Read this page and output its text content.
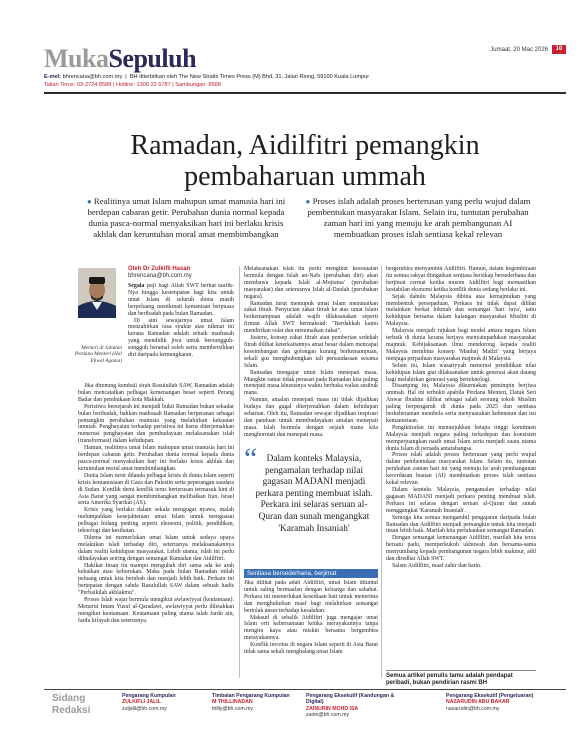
MukaSepuluh	Jumaat, 20 Mac 2026	10
E-mel: bhrencana@bh.com.my  |  BH diterbitkan oleh The New Straits Times Press (M) Bhd, 31, Jalan Riong, 59100 Kuala Lumpur
Talian Terus: 03-2724 8588 | Hotline: 1300 22 6787 | Sambungan: 8588
Ramadan, Aidilfitri pemangkin
pembaharuan ummah
● Realitinya umat Islam mahupun umat manusia hari ini berdepan cabaran getir. Perubahan dunia normal kepada dunia pasca-normal menyaksikan hari ini berlaku krisis akhlak dan keruntuhan moral amat membimbangkan
● Proses islah adalah proses berterusan yang perlu wujud dalam pembentukan masyarakat Islam. Selain itu, tuntutan perubahan zaman hari ini yang menuju ke arah pembangunan AI membuatkan proses islah sentiasa kekal relevan
Menteri di Jabatan Perdana Menteri (Hal Ehwal Agama)
Oleh Dr Zulkifli Hasan
bhrencana@bh.com.my

Segala puji bagi Allah SWT berkat taufik-Nya hingga kesempatan bagi kita untuk umat Islam di seluruh dunia masih berpeluang menikmati kemanisan berpuasa dan beribadah pada bulan Ramadan.

Di sini sewajarnya umat Islam menzahirkan rasa syukur atas nikmat ini kerana Ramadan adalah sebaik madrasah yang mendidik jiwa untuk bersungguh-sungguh beramal soleh serta membersihkan diri daripada kemungkaran.

Jika direnung kembali sirah Rasulullah SAW, Ramadan adalah bulan mencatatkan pelbagai kemenangan besar seperti Perang Badar dan pembukaan kota Makkah.

Peristiwa bersejarah ini menjadi bukti Ramadan bukan sekadar bulan beribadah, bahkan madrasah Ramadan berperanan sebagai pemangkin perubahan manusia yang melahirkan kekuatan ummah. Penghayatan terhadap peristiwa ini harus diterjemahkan menerusi penghayatan dan pembudayaan melaksanakan islah (transformasi) dalam kehidupan.

Hamun, realitinya umat Islam mahupun umat manusia hari ini berdepan cabaran getir. Perubahan dunia normal kepada dunia pasca-normal menyaksikan hari ini berlaku krisis akhlak dan keruntuhan moral amat membimbangkan.

Dunia Islam turut dilanda pelbagai krisis di dunia Islam seperti krisis kemanusiaan di Gaza dan Palestin serta peperangan saudara di Sudan. Konflik demi konflik terus berterusan termasuk kini di Asia Barat yang sangat membimbangkan melibatkan Iran, Israel serta Amerika Syarikat (AS).

Krisis yang berlaku dalam sekala mengugat nyawa, malah melumpuhkan kesejahteraan umat Islam untuk menguasai pelbagai bidang penting seperti ekonomi, politik, pendidikan, teknologi dan kesihatan.

Dilema ini memerlukan umat Islam untuk sedaya upaya melakukan islah terhadap diri, seterusnya melaksanakannya dalam realiti kehidupan masyarakat. Lebih utama, islah ini perlu dibudayakan seiring dengan semangat Ramadan dan Aidilfitri.

Hakikat Insan itu mampu mengubah diri sama ada ke arah kebaikan atau keburukan. Maka pada bulan Ramadan inilah peluang untuk kita berubah dan menjadi lebih baik. Perkara ini bertepatan dengan sabda Rasulullah SAW dalam sebuah hadis "Perbaikilah akhlakmu".

Proses Islah wajar bermula mengikut awlawiyyat (keutamaan). Menurut Imam Yusuf al-Qaradawi, awlawiyyat perlu diletakkan mengikut keutamaan. Keutamaan paling utama ialah fardu ain, fardu kifayah dan seterusnya.

Melaksanakan islah itu perlu mengikut kesesuaian bermula dengan Islah an-Nafs (perubahan diri) akan membawa kepada Islah al-Mujtama' (perubahan masyarakat) dan seterusnya Islah al-Daulah (perubahan negara).

Ramadan turut memupuk umat Islam menunaikan zakat fitrah. Penyucian zakat fitrah ke atas umat Islam berkemampuan adalah wajib dilaksanakan seperti firman Allah SWT bermaksud: "Berdakkah kamu mendirikan solat dan menunaikan zakat".

Justeru, konsep zakat fitrah atau pemberian sedekah fitrah dilihat keterkaitannya amat besar dalam mencapai keseimbangan dan golongan kurang berkemampuan, sekali gus menghubungkan tali persaudaraan sesama Islam.

Ramadan mengajar umat Islam menepati masa. Mungkin ramai tidak perasan pada Ramadan kita paling menepati masa khususnya waktu berbuka walau sesibuk mana.

Namun, amalan menepati masa ini tidak dijadikan budaya dan gagal diterjemahkan dalam kehidupan seharian. Oleh itu, Ramadan sewajar dijadikan inspirasi dan panduan untuk membudayakan amalan menepati masa. Islah bermula dengan sejauh mana kita menghormati dan menepati masa.

“ Dalam konteks Malaysia, pengamalan terhadap nilai gagasan MADANI menjadi perkara penting membuat islah. Perkara ini selaras seruan al-Quran dan sunah mengangkat 'Karamah Insaniah'
Sentiasa bersederhana, berjimat

Jika dilihat pada adab Aidilfitri, umat Islam dituntut untuk saling bermaafan dengan keluarga dan sahabat. Perkara ini memerlukan kesediaan hati untuk menerima dan menghulurkan maaf bagi melahirkan semangat bertolak ansur terhadap kesalahan.

Maksud di sebalik Aidilfitri juga mengajar umat Islam erti kebersamaan ketika merayakannya tanpa mengira kaya atau miskin bersama bergembira merayakannya.

Konflik tercetus di negara Islam seperti di Asia Barat tidak sama sekali menghalang umat Islam

bergembira menyambut Aidilfitri. Hamun, dalam kegembiraan itu semua rakyat diingatkan sentiasa bersikap bersederhana dan berjimat cermat ketika musim Aidilfitri bagi memastikan kestabilan ekonomi ketika konflik dunia sedang berlaku ini.

Sejak dahulu Malaysia dibina atas kemajmukan yang membentuk persepaduan. Perkara ini tidak dapat dilihat melainkan berkat hikmah dan semangat 'hari raya', iaitu kehidupan bersama dalam kalangan masyarakat Muslim di Malaysia.

Malaysia menjadi rujukan bagi model antara negara Islam terbaik di dunia kerana berjaya menyatupadukan masyarakat majmuk. Kebijaksanaan ilmu mendorong kepada realiti Malaysia membina konsep 'Manhaj Malizi' yang berjaya menjaga perpaduan masyarakat majmuk di Malaysia.

Selain itu, Islam wasatiyyah menerusi pendidikan nilai kehidupan Islam giat dilaksanakan untuk generasi akan datang bagi melahirkan generasi yang berteknologi.

Disamping itu, Malaysia dikurniakan pemimpin berjiwa ummah. Hal ini terbukti apabila Perdana Menteri, Datuk Seri Anwar Ibrahim dilihat sebagai salah seorang tokoh Muslim paling berpengaruh di dunia pada 2025 dan sentiasa berkeberanian membela serta menyuarakan kebenaran dan isu kemanusiaan.

Pengiktirafan ini menunjukkan betapa tinggi komitmen Malaysia menjadi negara paling terkedepan dan konsisten memperjuangkan nasib umat Islam serta menjadi suara utama dunia Islam di persada antarabangsa.

Proses islah adalah proses berterusan yang perlu wujud dalam pembentukan masyarakat Islam. Selain itu, tuntutan perubahan zaman hari ini yang menuju ke arah pembangunan kecerdasan buatan (AI) membuatkan proses islah sentiasa kekal relevan.

Dalam konteks Malaysia, pengamalan terhadap nilai gagasan MADANI menjadi perkara penting membuat islah. Perkara ini selaras dengan seruan al-Quran dan sunah menggangkat 'Karamah Insaniah'.

Semoga kita semua mengambil pengajaran daripada bulan Ramadan dan Aidilfitri menjadi pemangkin untuk kita menjadi insan lebih baik. Marilah kita pertahankan semangat Ramadan.

Dengan semangat kemenangan Aidilfitri, marilah kita terus bersatu padu, memperkukuh ukhuwah dan bersama-sama menyumbang kepada pembangunan negara lebih makmur, adil dan diredhai Allah SWT.

Salam Aidilfitri, maaf zahir dan batin.

Semua artikel penulis tamu adalah pendapat peribadi, bukan pendirian rasmi BH
Sidang
Redaksi
Pengarang Kumpulan
ZULKIFLI JALIL
zuljalil@bh.com.my
Timbalan Pengarang Kumpulan
M THILLINADAN
thilly@bh.com.my
Pengarang Eksekutif (Kandungan & Digital)
ZAINURIN MOHD ISA
zainn@bh.com.my
Pengarang Eksekutif (Pengeluaran)
NAZARUDIN ABU BAKAR
nazarudin@bh.com.my
